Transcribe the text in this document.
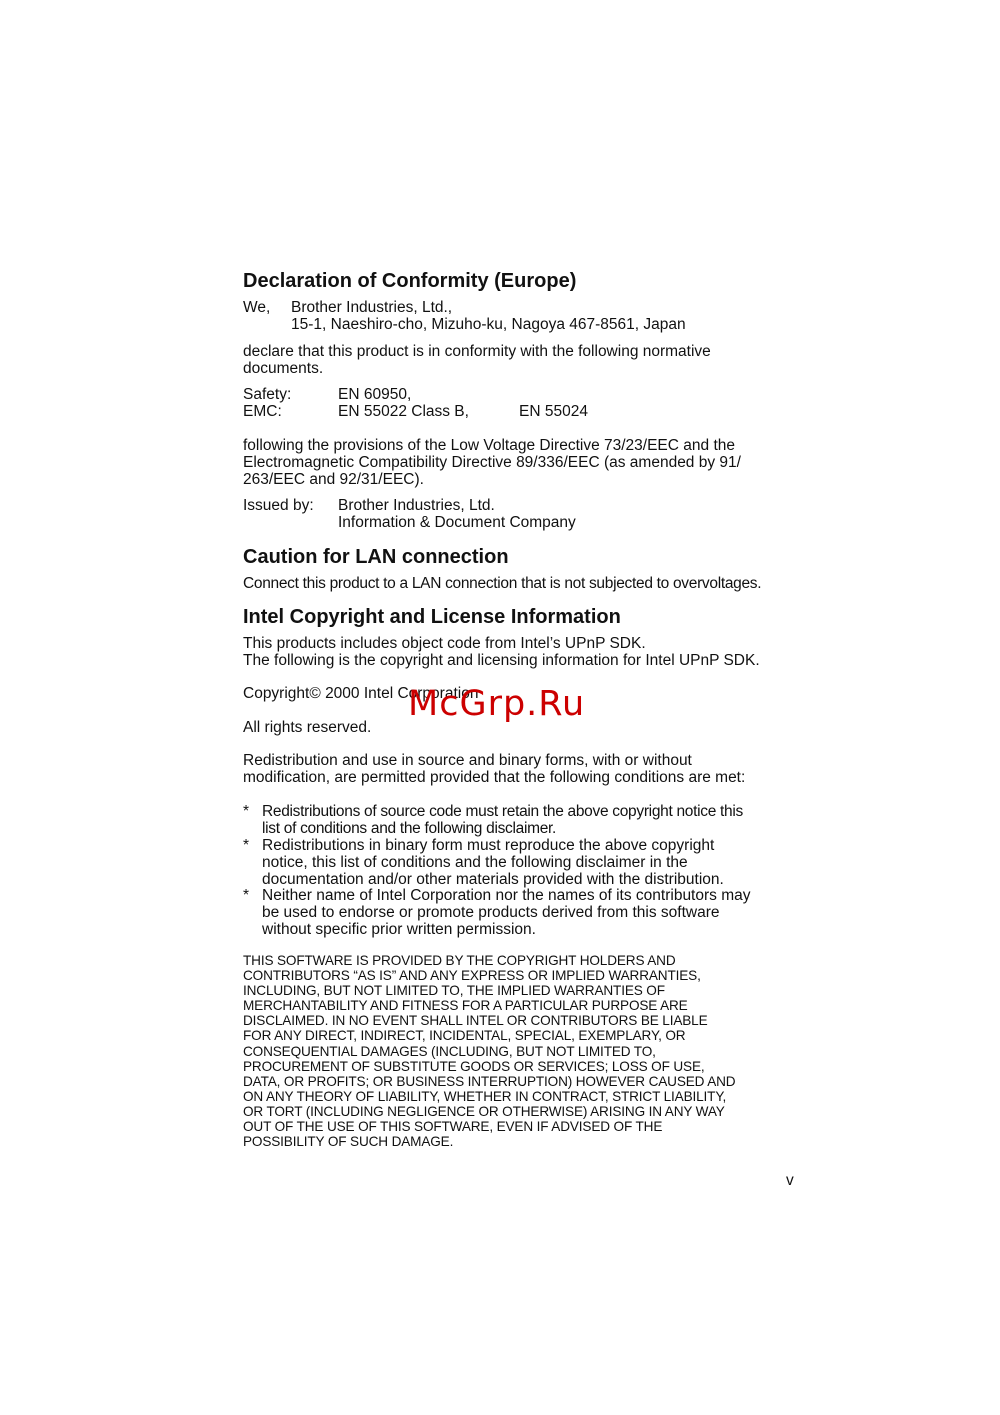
Declaration of Conformity (Europe)
We, Brother Industries, Ltd.,
15-1, Naeshiro-cho, Mizuho-ku, Nagoya 467-8561, Japan
declare that this product is in conformity with the following normative
documents.
Safety:	EN 60950,
EMC:	EN 55022 Class B,	EN 55024
following the provisions of the Low Voltage Directive 73/23/EEC and the
Electromagnetic Compatibility Directive 89/336/EEC (as amended by 91/
263/EEC and 92/31/EEC).
Issued by: Brother Industries, Ltd.
Information & Document Company
Caution for LAN connection
Connect this product to a LAN connection that is not subjected to overvoltages.
Intel Copyright and License Information
This products includes object code from Intel’s UPnP SDK.
The following is the copyright and licensing information for Intel UPnP SDK.
Copyright© 2000 Intel Corporation
All rights reserved.
Redistribution and use in source and binary forms, with or without
modification, are permitted provided that the following conditions are met:
* Redistributions of source code must retain the above copyright notice this
list of conditions and the following disclaimer.
* Redistributions in binary form must reproduce the above copyright
notice, this list of conditions and the following disclaimer in the
documentation and/or other materials provided with the distribution.
* Neither name of Intel Corporation nor the names of its contributors may
be used to endorse or promote products derived from this software
without specific prior written permission.
THIS SOFTWARE IS PROVIDED BY THE COPYRIGHT HOLDERS AND
CONTRIBUTORS “AS IS” AND ANY EXPRESS OR IMPLIED WARRANTIES,
INCLUDING, BUT NOT LIMITED TO, THE IMPLIED WARRANTIES OF
MERCHANTABILITY AND FITNESS FOR A PARTICULAR PURPOSE ARE
DISCLAIMED. IN NO EVENT SHALL INTEL OR CONTRIBUTORS BE LIABLE
FOR ANY DIRECT, INDIRECT, INCIDENTAL, SPECIAL, EXEMPLARY, OR
CONSEQUENTIAL DAMAGES (INCLUDING, BUT NOT LIMITED TO,
PROCUREMENT OF SUBSTITUTE GOODS OR SERVICES; LOSS OF USE,
DATA, OR PROFITS; OR BUSINESS INTERRUPTION) HOWEVER CAUSED AND
ON ANY THEORY OF LIABILITY, WHETHER IN CONTRACT, STRICT LIABILITY,
OR TORT (INCLUDING NEGLIGENCE OR OTHERWISE) ARISING IN ANY WAY
OUT OF THE USE OF THIS SOFTWARE, EVEN IF ADVISED OF THE
POSSIBILITY OF SUCH DAMAGE.
McGrp.Ru
v
